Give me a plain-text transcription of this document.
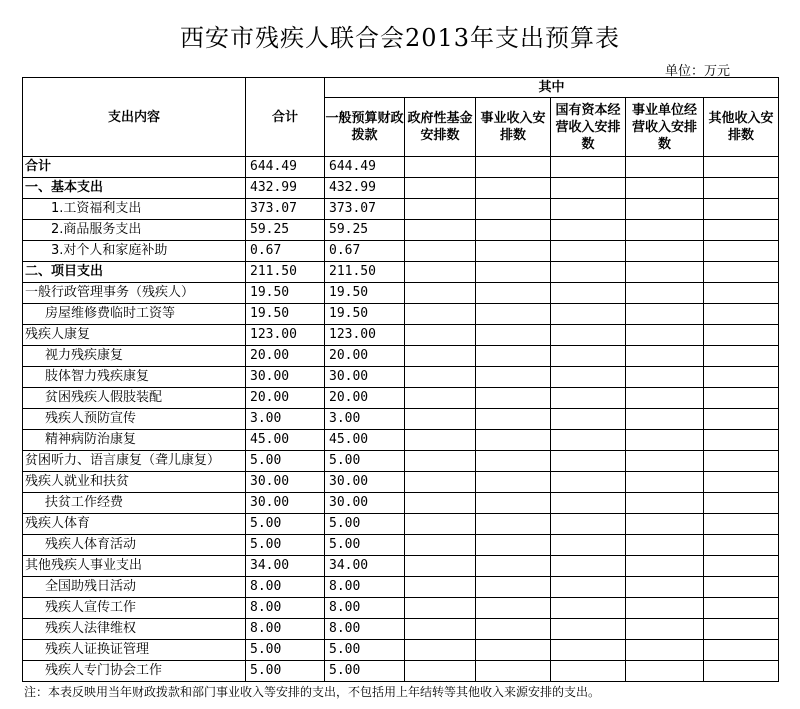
西安市残疾人联合会2013年支出预算表
单位：万元
支出内容	合计	其中					
		一般预算财政拨款	政府性基金安排数	事业收入安排数	国有资本经营收入安排数	事业单位经营收入安排数	其他收入安排数
合计	644.49	644.49					
一、基本支出	432.99	432.99					
1.工资福利支出	373.07	373.07					
2.商品服务支出	59.25	59.25					
3.对个人和家庭补助	0.67	0.67					
二、项目支出	211.50	211.50					
一般行政管理事务（残疾人）	19.50	19.50					
房屋维修费临时工资等	19.50	19.50					
残疾人康复	123.00	123.00					
视力残疾康复	20.00	20.00					
肢体智力残疾康复	30.00	30.00					
贫困残疾人假肢装配	20.00	20.00					
残疾人预防宣传	3.00	3.00					
精神病防治康复	45.00	45.00					
贫困听力、语言康复（聋儿康复）	5.00	5.00					
残疾人就业和扶贫	30.00	30.00					
扶贫工作经费	30.00	30.00					
残疾人体育	5.00	5.00					
残疾人体育活动	5.00	5.00					
其他残疾人事业支出	34.00	34.00					
全国助残日活动	8.00	8.00					
残疾人宣传工作	8.00	8.00					
残疾人法律维权	8.00	8.00					
残疾人证换证管理	5.00	5.00					
残疾人专门协会工作	5.00	5.00					
注：本表反映用当年财政拨款和部门事业收入等安排的支出，不包括用上年结转等其他收入来源安排的支出。
